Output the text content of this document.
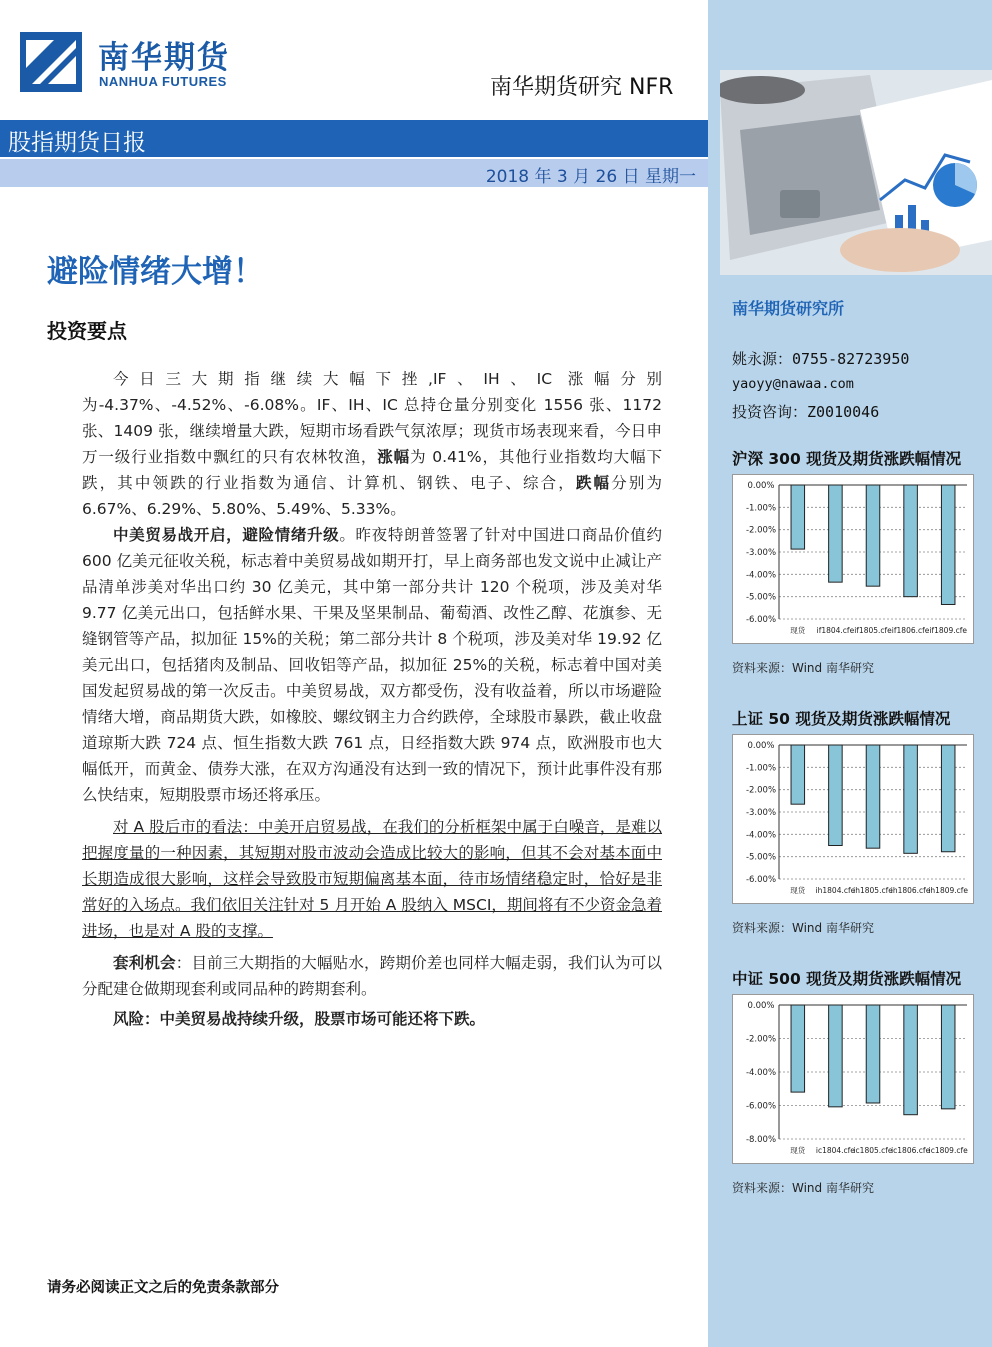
南华期货
NANHUA FUTURES	南华期货研究 NFR
股指期货日报
2018 年 3 月 26 日 星期一
避险情绪大增！
投资要点

今日三大期指继续大幅下挫,IF、IH、IC 涨幅分别为-4.37%、-4.52%、-6.08%。IF、IH、IC 总持仓量分别变化 1556 张、1172 张、1409 张，继续增量大跌，短期市场看跌气氛浓厚；现货市场表现来看，今日申万一级行业指数中飘红的只有农林牧渔，涨幅为 0.41%，其他行业指数均大幅下跌，其中领跌的行业指数为通信、计算机、钢铁、电子、综合，跌幅分别为 6.67%、6.29%、5.80%、5.49%、5.33%。

中美贸易战开启，避险情绪升级。昨夜特朗普签署了针对中国进口商品价值约 600 亿美元征收关税，标志着中美贸易战如期开打，早上商务部也发文说中止减让产品清单涉美对华出口约 30 亿美元，其中第一部分共计 120 个税项，涉及美对华 9.77 亿美元出口，包括鲜水果、干果及坚果制品、葡萄酒、改性乙醇、花旗参、无缝钢管等产品，拟加征 15%的关税；第二部分共计 8 个税项，涉及美对华 19.92 亿美元出口，包括猪肉及制品、回收铝等产品，拟加征 25%的关税，标志着中国对美国发起贸易战的第一次反击。中美贸易战，双方都受伤，没有收益着，所以市场避险情绪大增，商品期货大跌，如橡胶、螺纹钢主力合约跌停，全球股市暴跌，截止收盘道琼斯大跌 724 点、恒生指数大跌 761 点，日经指数大跌 974 点，欧洲股市也大幅低开，而黄金、债券大涨，在双方沟通没有达到一致的情况下，预计此事件没有那么快结束，短期股票市场还将承压。

对 A 股后市的看法：中美开启贸易战，在我们的分析框架中属于白噪音，是难以把握度量的一种因素，其短期对股市波动会造成比较大的影响，但其不会对基本面中长期造成很大影响，这样会导致股市短期偏离基本面，待市场情绪稳定时，恰好是非常好的入场点。我们依旧关注针对 5 月开始 A 股纳入 MSCI，期间将有不少资金急着进场，也是对 A 股的支撑。

套利机会：目前三大期指的大幅贴水，跨期价差也同样大幅走弱，我们认为可以分配建仓做期现套利或同品种的跨期套利。

风险：中美贸易战持续升级，股票市场可能还将下跌。

请务必阅读正文之后的免责条款部分
南华期货研究所
姚永源：0755-82723950
yaoyy@nawaa.com
投资咨询：Z0010046
沪深 300 现货及期货涨跌幅情况
0.00%
-1.00%
-2.00%
-3.00%
-4.00%
-5.00%
-6.00%
现货 if1804.cfe if1805.cfe if1806.cfe if1809.cfe
资料来源：Wind 南华研究
上证 50 现货及期货涨跌幅情况
0.00%
-1.00%
-2.00%
-3.00%
-4.00%
-5.00%
-6.00%
现货 ih1804.cfe
ih1805.cfe
ih1806.cfe
ih1809.cfe
资料来源：Wind 南华研究
中证 500 现货及期货涨跌幅情况
0.00%
-2.00%
-4.00%
-6.00%
-8.00%
现货 ic1804.cfe
ic1805.cfe
ic1806.cfe
ic1809.cfe
资料来源：Wind 南华研究
